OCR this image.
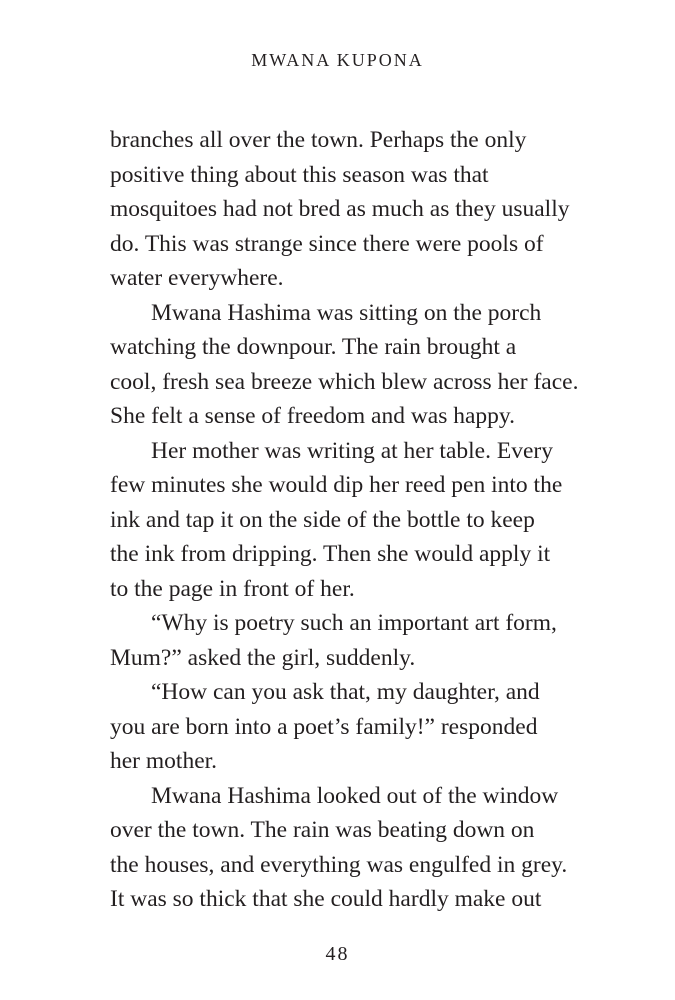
MWANA KUPONA
branches all over the town. Perhaps the only
positive thing about this season was that
mosquitoes had not bred as much as they usually
do. This was strange since there were pools of
water everywhere.
Mwana Hashima was sitting on the porch
watching the downpour. The rain brought a
cool, fresh sea breeze which blew across her face.
She felt a sense of freedom and was happy.
Her mother was writing at her table. Every
few minutes she would dip her reed pen into the
ink and tap it on the side of the bottle to keep
the ink from dripping. Then she would apply it
to the page in front of her.
“Why is poetry such an important art form,
Mum?” asked the girl, suddenly.
“How can you ask that, my daughter, and
you are born into a poet’s family!” responded
her mother.
Mwana Hashima looked out of the window
over the town. The rain was beating down on
the houses, and everything was engulfed in grey.
It was so thick that she could hardly make out
48
